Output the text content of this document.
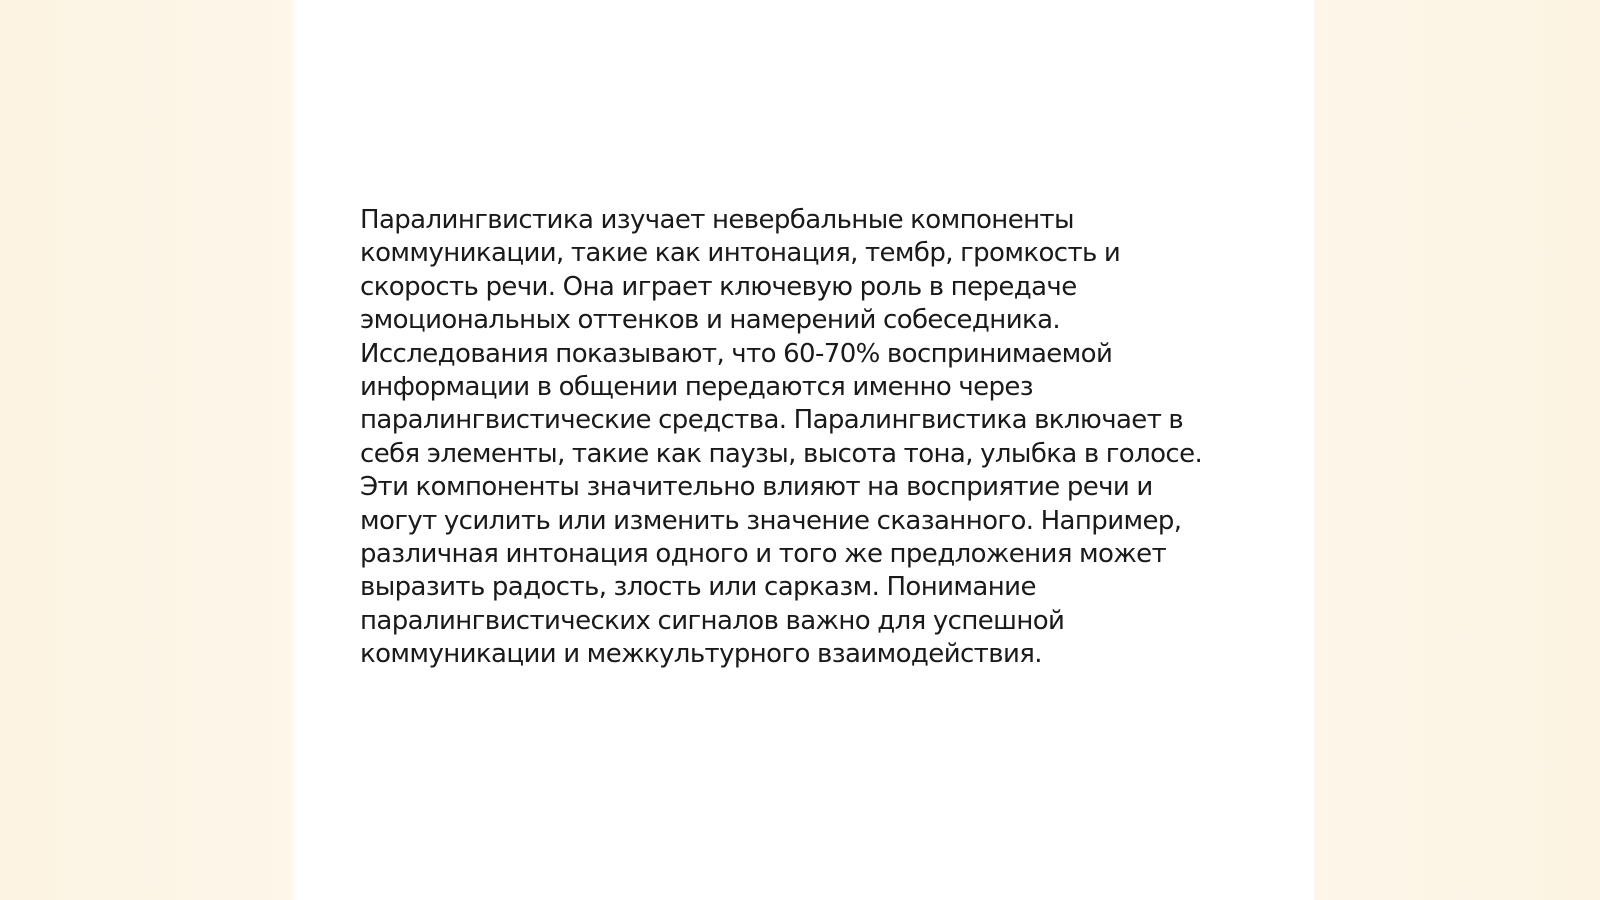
Паралингвистика изучает невербальные компоненты
коммуникации, такие как интонация, тембр, громкость и
скорость речи. Она играет ключевую роль в передаче
эмоциональных оттенков и намерений собеседника.
Исследования показывают, что 60-70% воспринимаемой
информации в общении передаются именно через
паралингвистические средства. Паралингвистика включает в
себя элементы, такие как паузы, высота тона, улыбка в голосе.
Эти компоненты значительно влияют на восприятие речи и
могут усилить или изменить значение сказанного. Например,
различная интонация одного и того же предложения может
выразить радость, злость или сарказм. Понимание
паралингвистических сигналов важно для успешной
коммуникации и межкультурного взаимодействия.
